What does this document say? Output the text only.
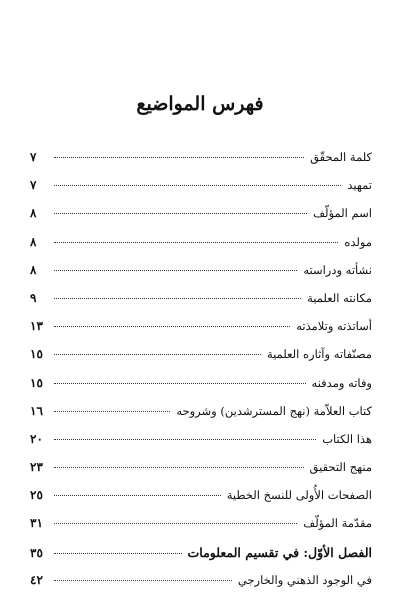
فهرس المواضيع
كلمة المحقّق
٧
تمهيد
٧
اسم المؤلّف
٨
مولده
٨
نشأته ودراسته
٨
مكانته العلمية
٩
أساتذته وتلامذته
١٣
مصنّفاته وآثاره العلمية
١٥
وفاته ومدفنه
١٥
كتاب العلاّمة (نهج المسترشدين) وشروحه
١٦
هذا الكتاب
٢٠
منهج التحقيق
٢٣
الصفحات الأُولى للنسخ الخطية
٢٥
مقدّمة المؤلّف
٣١
الفصل الأوّل: في تقسيم المعلومات
٣٥
في الوجود الذهني والخارجي
٤٢
